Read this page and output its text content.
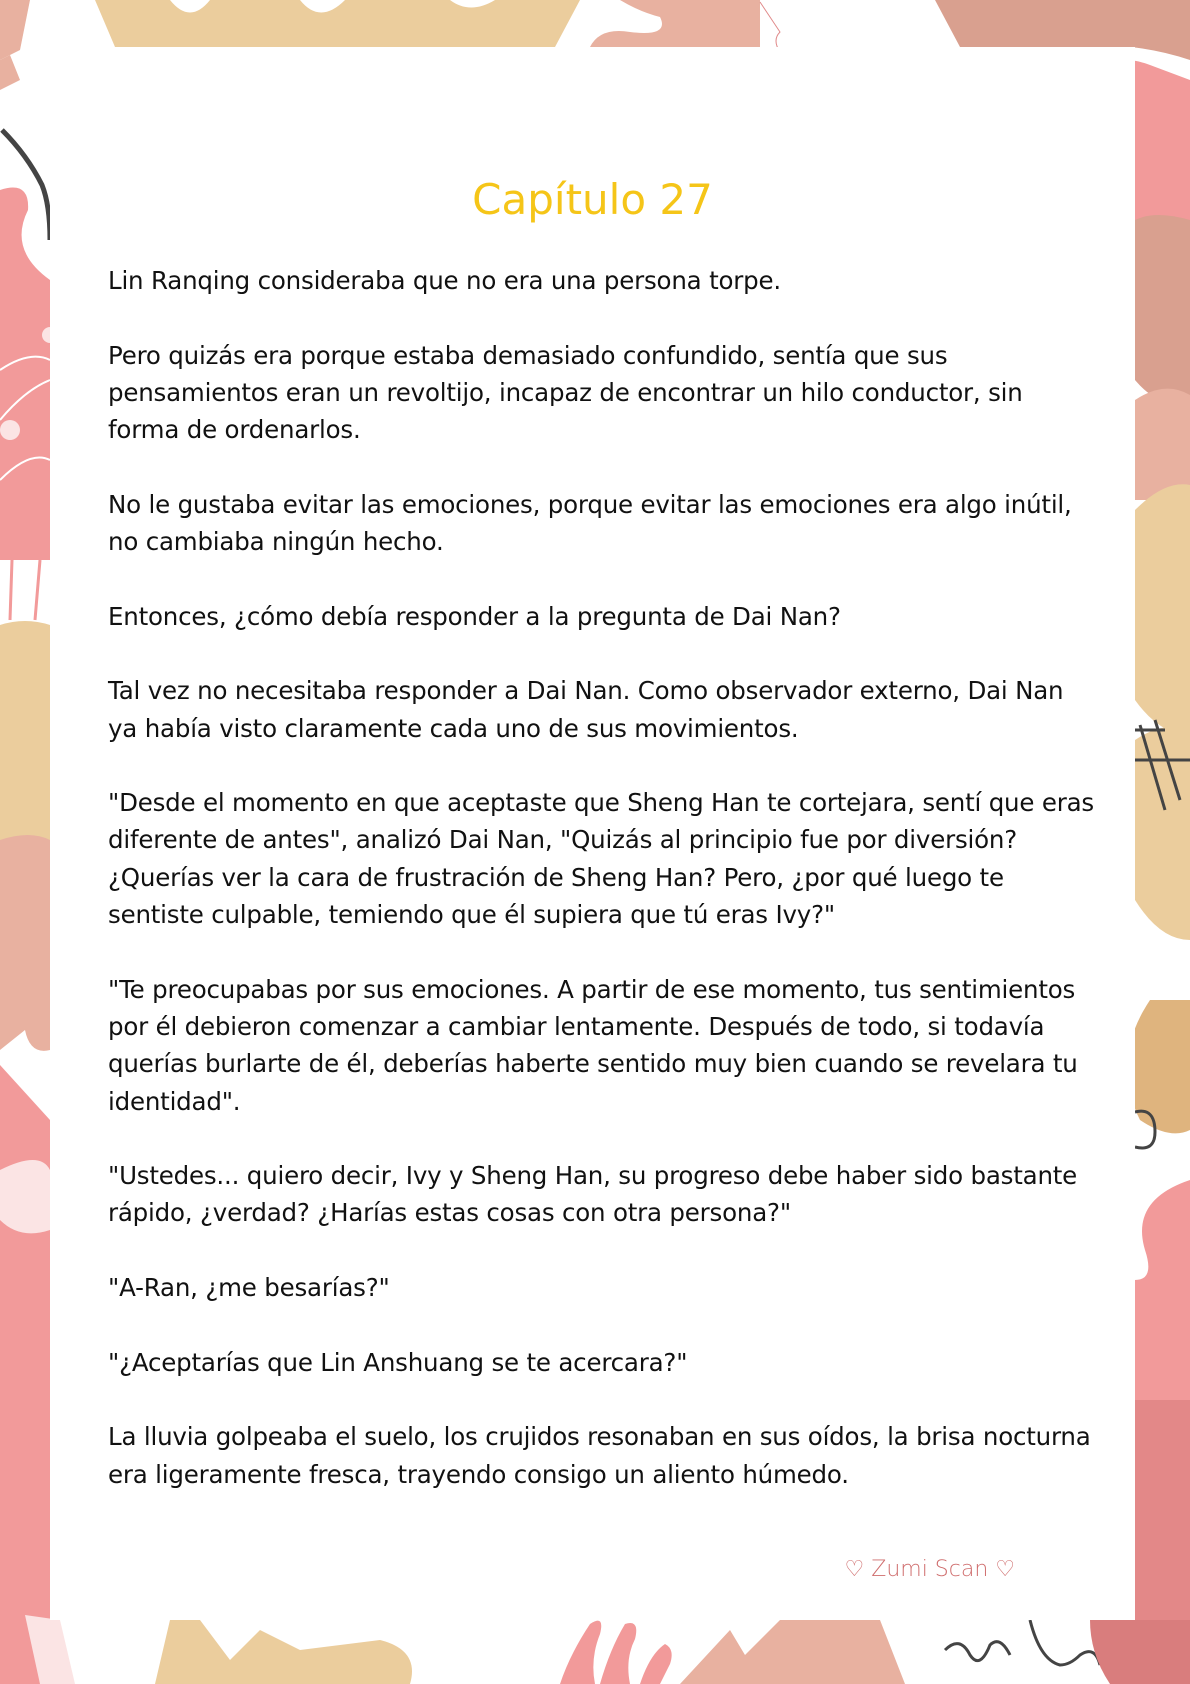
Capítulo 27

Lin Ranqing consideraba que no era una persona torpe.

Pero quizás era porque estaba demasiado confundido, sentía que sus pensamientos eran un revoltijo, incapaz de encontrar un hilo conductor, sin forma de ordenarlos.

No le gustaba evitar las emociones, porque evitar las emociones era algo inútil, no cambiaba ningún hecho.

Entonces, ¿cómo debía responder a la pregunta de Dai Nan?

Tal vez no necesitaba responder a Dai Nan. Como observador externo, Dai Nan ya había visto claramente cada uno de sus movimientos.

"Desde el momento en que aceptaste que Sheng Han te cortejara, sentí que eras diferente de antes", analizó Dai Nan, "Quizás al principio fue por diversión? ¿Querías ver la cara de frustración de Sheng Han? Pero, ¿por qué luego te sentiste culpable, temiendo que él supiera que tú eras Ivy?"

"Te preocupabas por sus emociones. A partir de ese momento, tus sentimientos por él debieron comenzar a cambiar lentamente. Después de todo, si todavía querías burlarte de él, deberías haberte sentido muy bien cuando se revelara tu identidad".

"Ustedes... quiero decir, Ivy y Sheng Han, su progreso debe haber sido bastante rápido, ¿verdad? ¿Harías estas cosas con otra persona?"

"A-Ran, ¿me besarías?"

"¿Aceptarías que Lin Anshuang se te acercara?"

La lluvia golpeaba el suelo, los crujidos resonaban en sus oídos, la brisa nocturna era ligeramente fresca, trayendo consigo un aliento húmedo.

♡ Zumi Scan ♡
